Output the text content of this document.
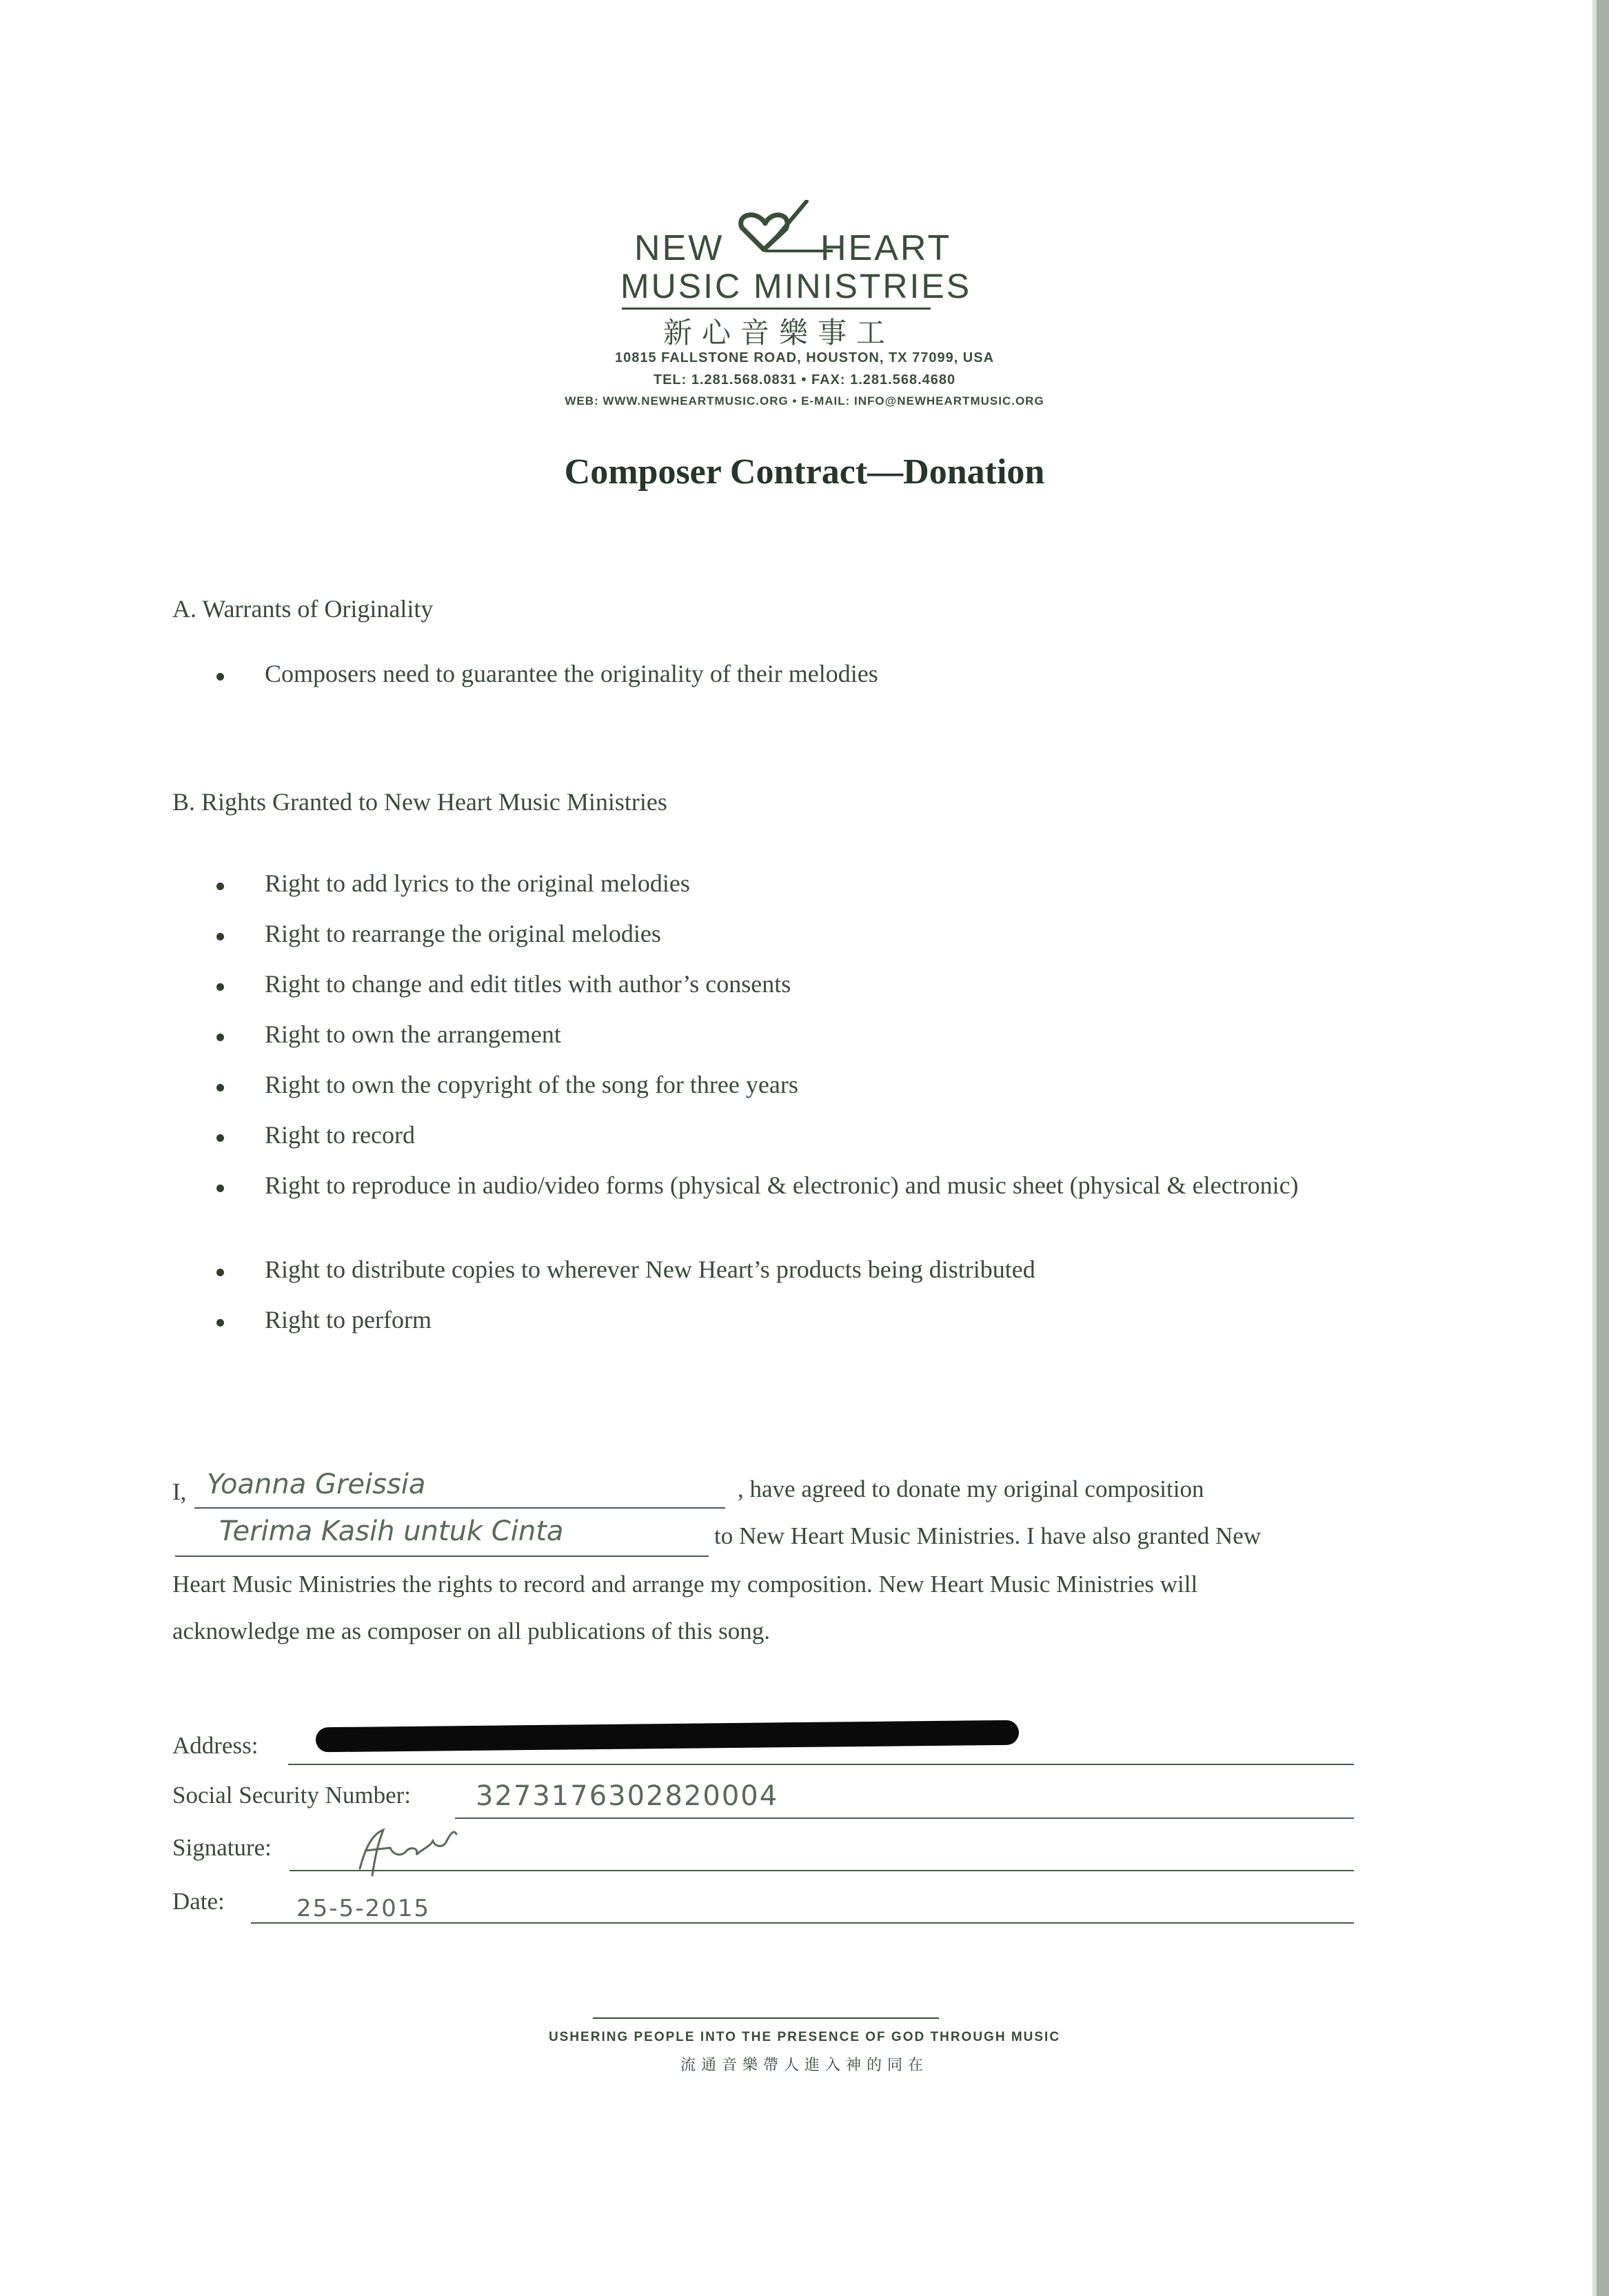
NEW	HEART
MUSIC MINISTRIES
新心音樂事工
10815 FALLSTONE ROAD, HOUSTON, TX 77099, USA
TEL: 1.281.568.0831 • FAX: 1.281.568.4680
WEB: WWW.NEWHEARTMUSIC.ORG • E-MAIL: INFO@NEWHEARTMUSIC.ORG
Composer Contract—Donation
A. Warrants of Originality
Composers need to guarantee the originality of their melodies
B. Rights Granted to New Heart Music Ministries
Right to add lyrics to the original melodies
Right to rearrange the original melodies
Right to change and edit titles with author’s consents
Right to own the arrangement
Right to own the copyright of the song for three years
Right to record
Right to reproduce in audio/video forms (physical & electronic) and music sheet (physical & electronic)
Right to distribute copies to wherever New Heart’s products being distributed
Right to perform
I, Yoanna Greissia	, have agreed to donate my original composition
Terima Kasih untuk Cinta	to New Heart Music Ministries. I have also granted New
Heart Music Ministries the rights to record and arrange my composition. New Heart Music Ministries will
acknowledge me as composer on all publications of this song.
Address:
Social Security Number: 3273176302820004
Signature:
Date:	25-5-2015
USHERING PEOPLE INTO THE PRESENCE OF GOD THROUGH MUSIC
流通音樂帶人進入神的同在
